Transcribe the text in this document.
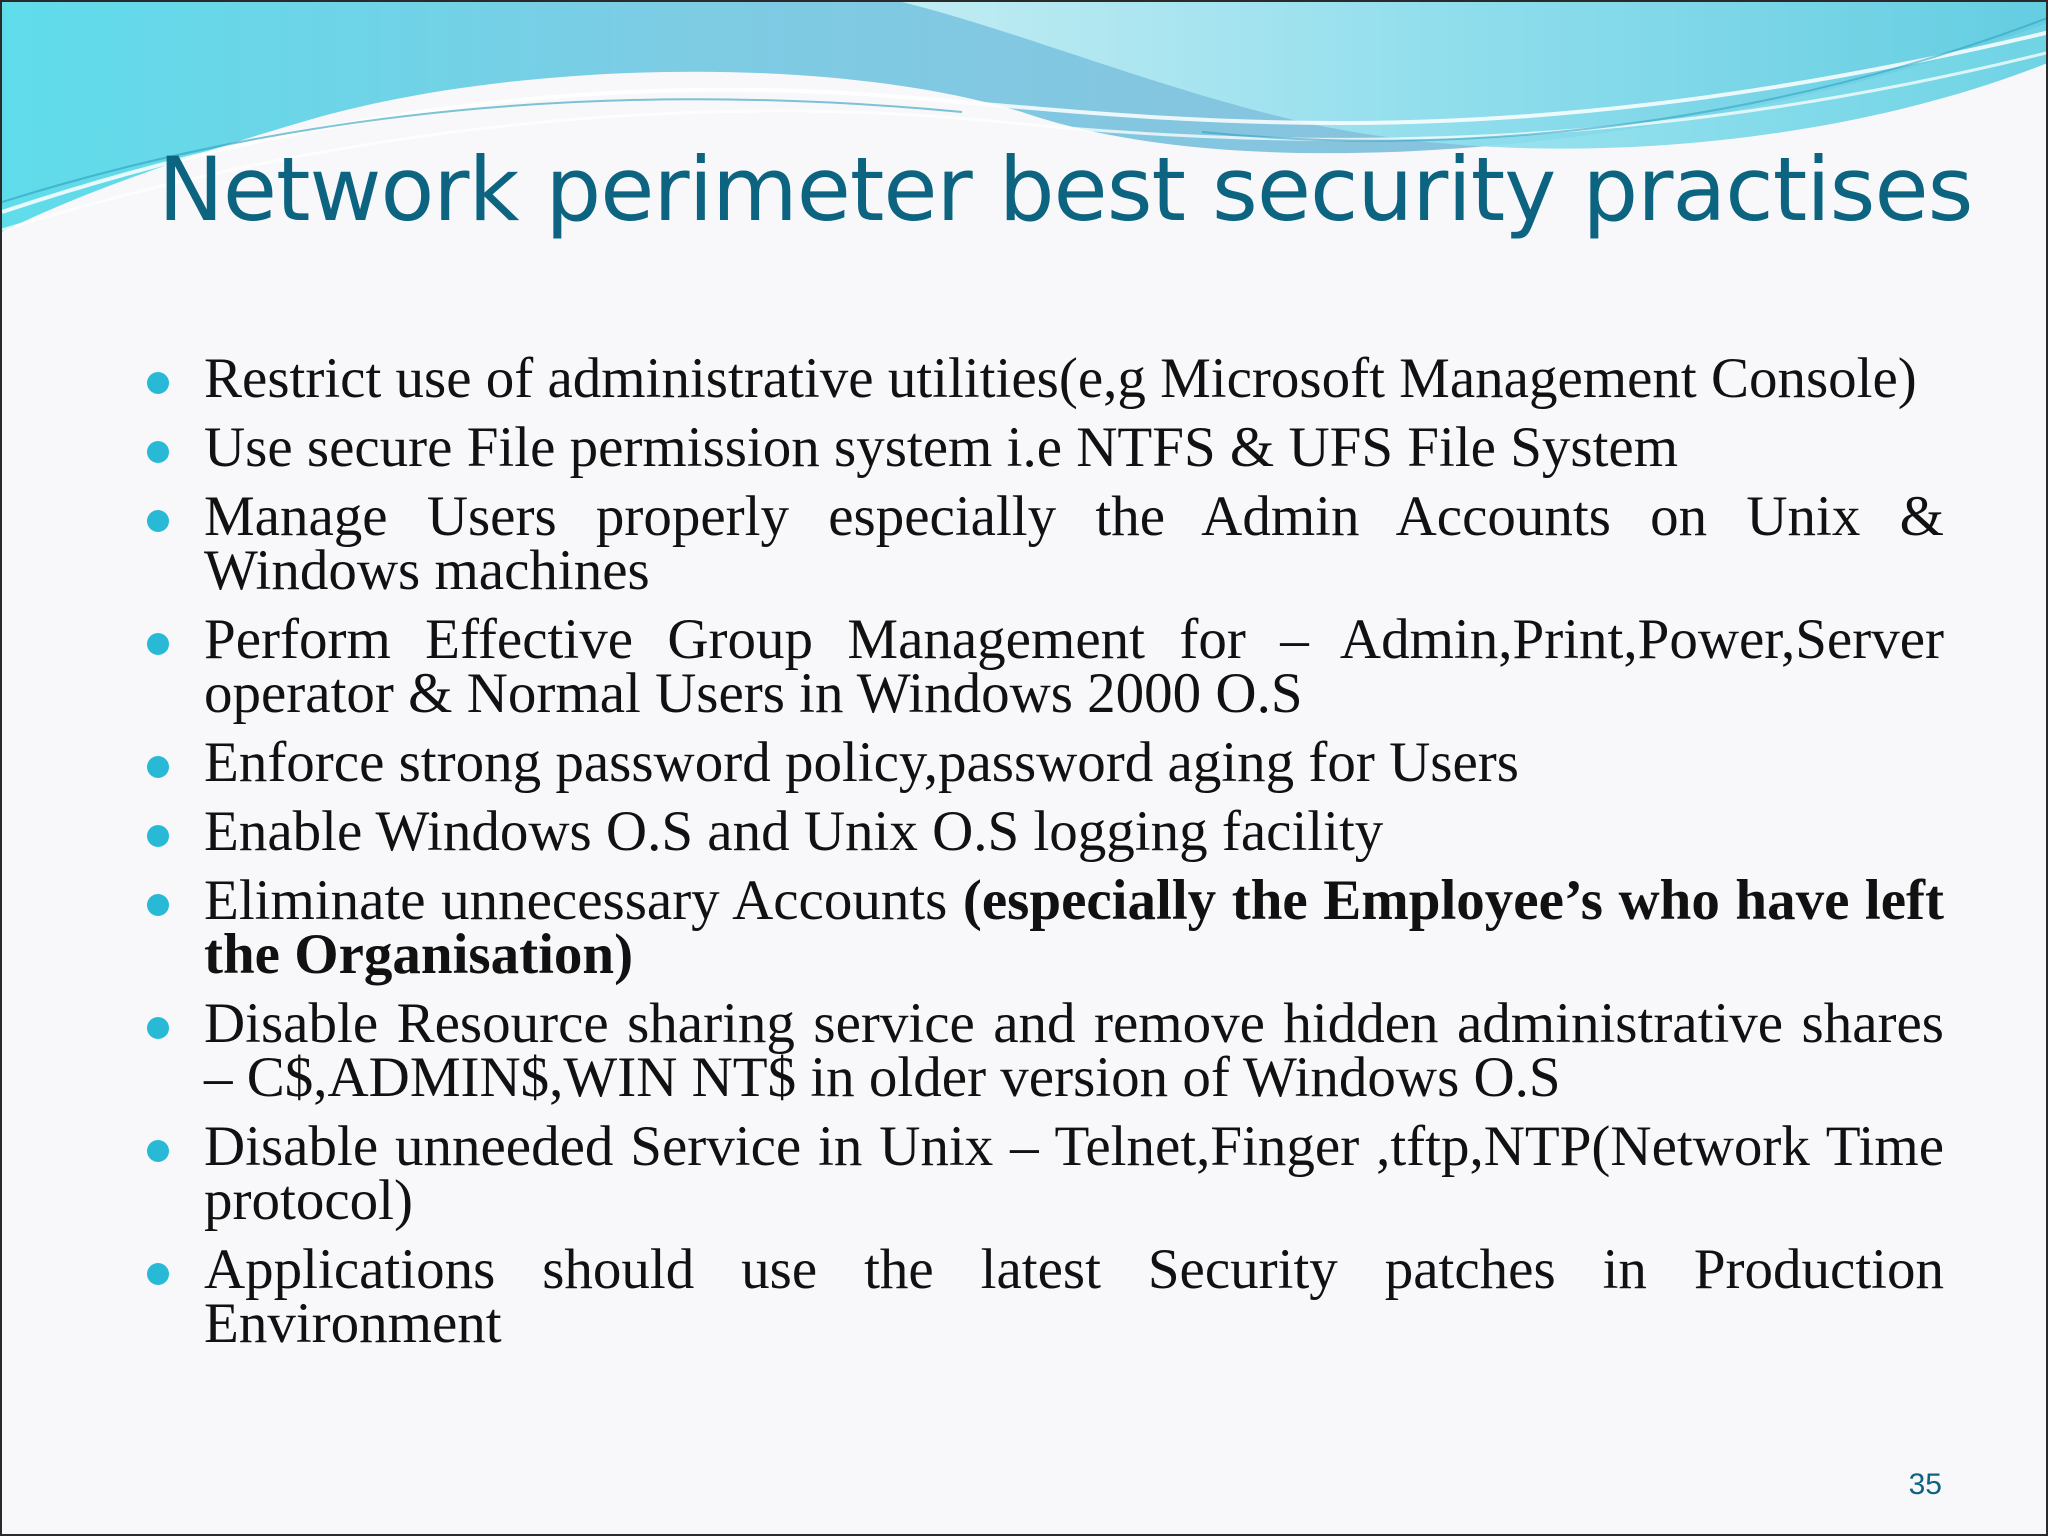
Network perimeter best security practises
Restrict use of administrative utilities(e,g Microsoft Management Console)
Use secure File permission system i.e NTFS & UFS File System
Manage Users properly especially the Admin Accounts on Unix & Windows machines
Perform Effective Group Management for – Admin,Print,Power,Server operator & Normal Users in Windows 2000 O.S
Enforce strong password policy,password aging for Users
Enable Windows O.S and Unix O.S logging facility
Eliminate unnecessary Accounts (especially the Employee’s who have left the Organisation)
Disable Resource sharing service and remove hidden administrative shares – C$,ADMIN$,WIN NT$ in older version of Windows O.S
Disable unneeded Service in Unix – Telnet,Finger ,tftp,NTP(Network Time protocol)
Applications should use the latest Security patches in Production Environment
35
